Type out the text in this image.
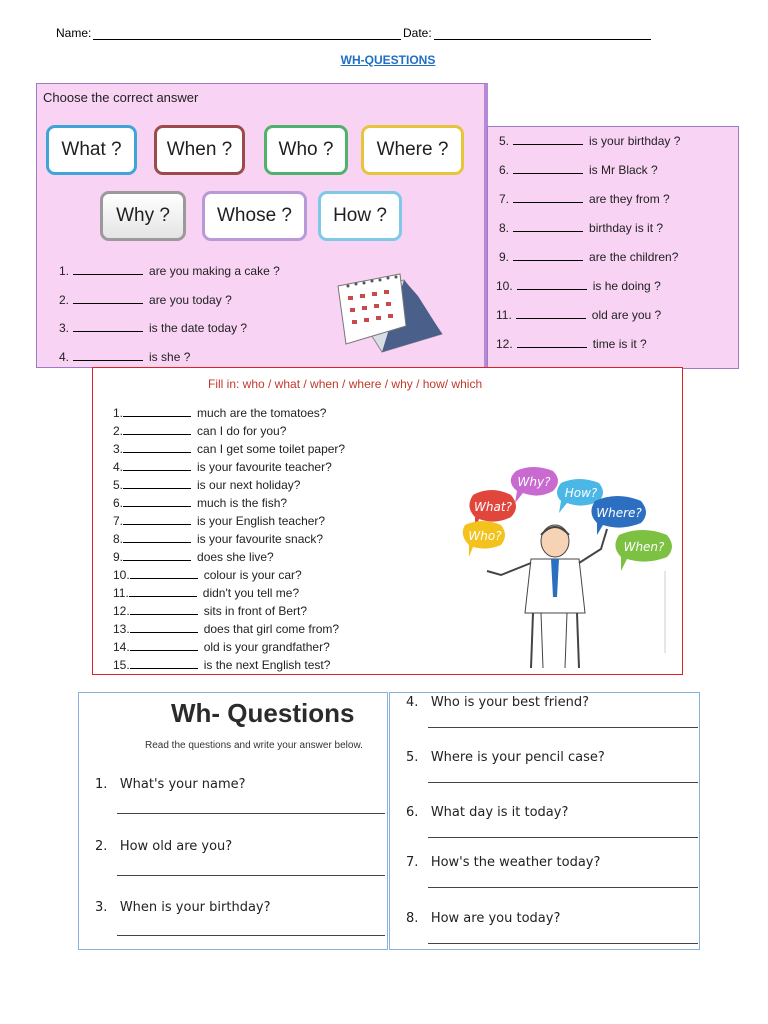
Name:	Date:
WH-QUESTIONS
Choose the correct answer
What ?	When ?	Who ?	Where ?
Why ?	Whose ?	How ?
1.	are you making a cake ?
2.	are you today ?
3.	is the date today ?
4.	is she ?
5.	is your birthday ?
6.	is Mr Black ?
7.	are they from ?
8.	birthday is it ?
9.	are the children?
10.	is he doing ?
11.	old are you ?
12.	time is it ?
Fill in: who / what / when / where / why / how/ which
1.	much are the tomatoes?
2.	can I do for you?
3.	can I get some toilet paper?
4.	is your favourite teacher?
5.	is our next holiday?
6.	much is the fish?
7.	is your English teacher?
8.	is your favourite snack?
9.	does she live?
10.	colour is your car?
11.	didn't you tell me?
12.	sits in front of Bert?
13.	does that girl come from?
14.	old is your grandfather?
15.	is the next English test?
Why?
How?
What?	Where?
Who?
When?
Wh- Questions
Read the questions and write your answer below.
1. What's your name?
2. How old are you?
3. When is your birthday?
4. Who is your best friend?
5. Where is your pencil case?
6. What day is it today?
7. How's the weather today?
8. How are you today?
